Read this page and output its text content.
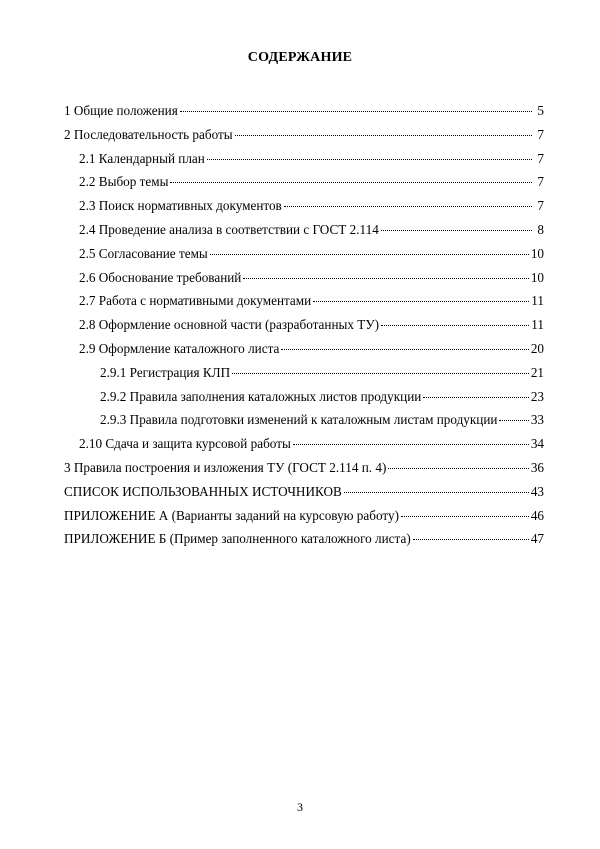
СОДЕРЖАНИЕ
1 Общие положения	5
2 Последовательность работы	7
2.1 Календарный план	7
2.2 Выбор темы	7
2.3 Поиск нормативных документов	7
2.4 Проведение анализа в соответствии с ГОСТ 2.114	8
2.5 Согласование темы	10
2.6 Обоснование требований	10
2.7 Работа с нормативными документами	11
2.8 Оформление основной части (разработанных ТУ)	11
2.9 Оформление каталожного листа	20
2.9.1 Регистрация КЛП	21
2.9.2 Правила заполнения каталожных листов продукции	23
2.9.3 Правила подготовки изменений к каталожным листам продукции	33
2.10 Сдача и защита курсовой работы	34
3 Правила построения и изложения ТУ (ГОСТ 2.114 п. 4)	36
СПИСОК ИСПОЛЬЗОВАННЫХ ИСТОЧНИКОВ	43
ПРИЛОЖЕНИЕ А (Варианты заданий на курсовую работу)	46
ПРИЛОЖЕНИЕ Б (Пример заполненного каталожного листа)	47
3
